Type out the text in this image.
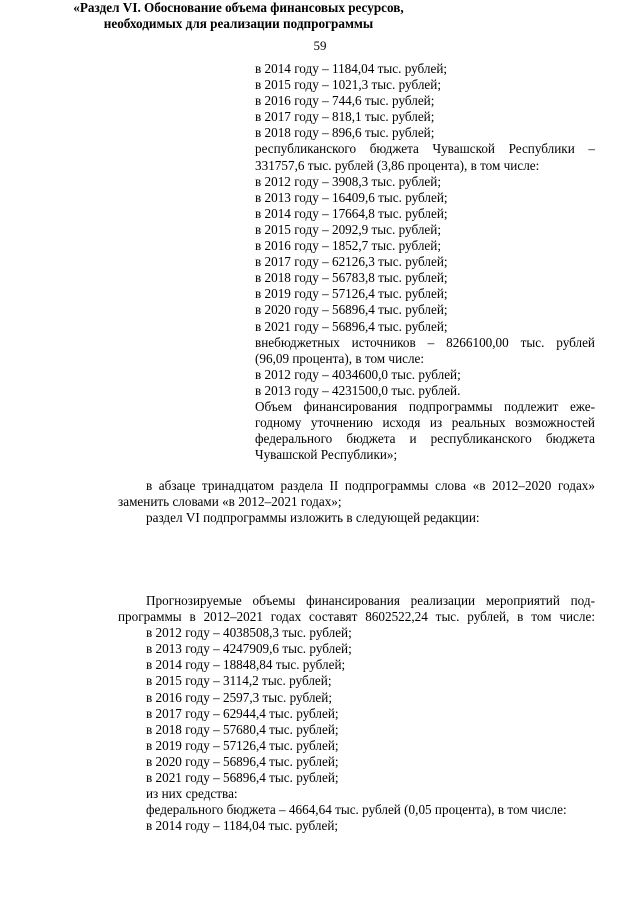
59
в 2014 году – 1184,04 тыс. рублей;
в 2015 году – 1021,3 тыс. рублей;
в 2016 году – 744,6 тыс. рублей;
в 2017 году – 818,1 тыс. рублей;
в 2018 году – 896,6 тыс. рублей;
республиканского бюджета Чувашской Республики –
331757,6 тыс. рублей (3,86 процента), в том числе:
в 2012 году – 3908,3 тыс. рублей;
в 2013 году – 16409,6 тыс. рублей;
в 2014 году – 17664,8 тыс. рублей;
в 2015 году – 2092,9 тыс. рублей;
в 2016 году – 1852,7 тыс. рублей;
в 2017 году – 62126,3 тыс. рублей;
в 2018 году – 56783,8 тыс. рублей;
в 2019 году – 57126,4 тыс. рублей;
в 2020 году – 56896,4 тыс. рублей;
в 2021 году – 56896,4 тыс. рублей;
внебюджетных источников – 8266100,00 тыс. рублей
(96,09 процента), в том числе:
в 2012 году – 4034600,0 тыс. рублей;
в 2013 году – 4231500,0 тыс. рублей.
Объем финансирования подпрограммы подлежит еже-
годному уточнению исходя из реальных возможностей
федерального бюджета и республиканского бюджета
Чувашской Республики»;
в абзаце тринадцатом раздела II подпрограммы слова «в 2012–2020 годах»
заменить словами «в 2012–2021 годах»;
раздел VI подпрограммы изложить в следующей редакции:
«Раздел VI. Обоснование объема финансовых ресурсов,
необходимых для реализации подпрограммы
Прогнозируемые объемы финансирования реализации мероприятий под-
программы в 2012–2021 годах составят 8602522,24 тыс. рублей, в том числе:
в 2012 году – 4038508,3 тыс. рублей;
в 2013 году – 4247909,6 тыс. рублей;
в 2014 году – 18848,84 тыс. рублей;
в 2015 году – 3114,2 тыс. рублей;
в 2016 году – 2597,3 тыс. рублей;
в 2017 году – 62944,4 тыс. рублей;
в 2018 году – 57680,4 тыс. рублей;
в 2019 году – 57126,4 тыс. рублей;
в 2020 году – 56896,4 тыс. рублей;
в 2021 году – 56896,4 тыс. рублей;
из них средства:
федерального бюджета – 4664,64 тыс. рублей (0,05 процента), в том числе:
в 2014 году – 1184,04 тыс. рублей;
